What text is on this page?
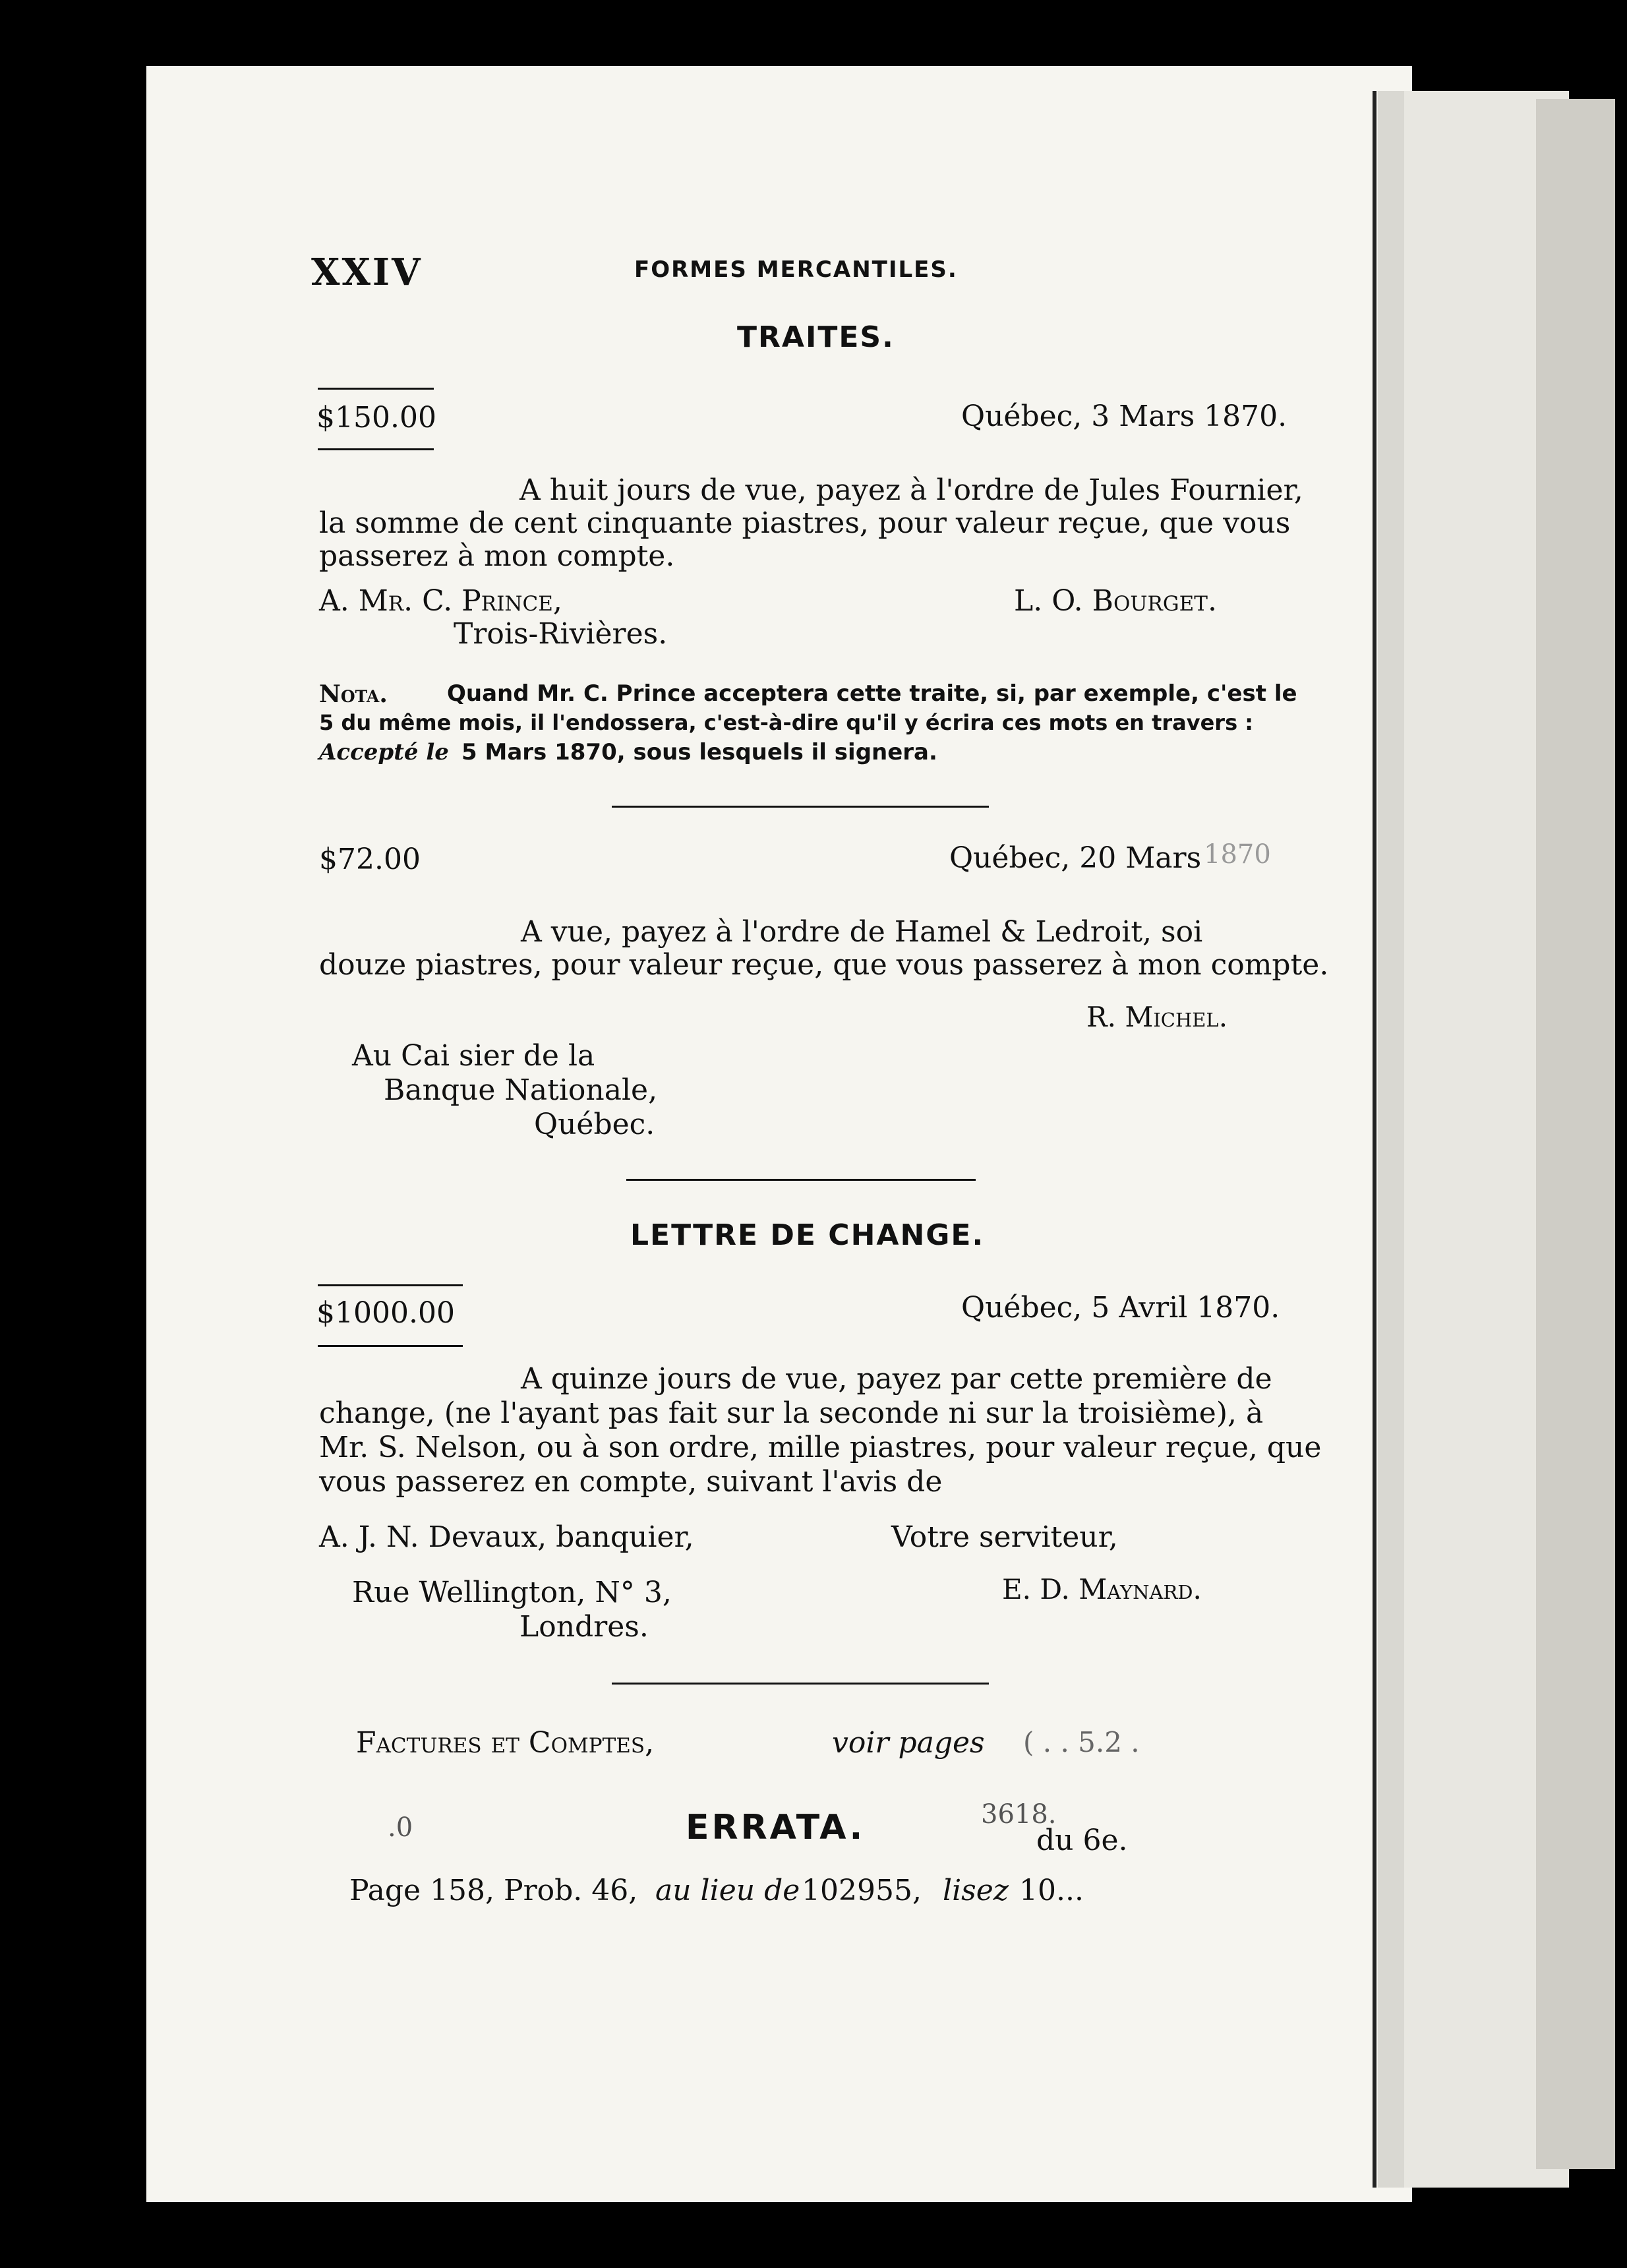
XXIV	FORMES MERCANTILES.
TRAITES.
$150.00	Québec, 3 Mars 1870.
A huit jours de vue, payez à l'ordre de Jules Fournier,
la somme de cent cinquante piastres, pour valeur reçue, que vous
passerez à mon compte.
A. Mr. C. Prince,	L. O. Bourget.
Trois-Rivières.
Nota.	Quand Mr. C. Prince acceptera cette traite, si, par exemple, c'est le
5 du même mois, il l'endossera, c'est-à-dire qu'il y écrira ces mots en travers :
Accepté le 5 Mars 1870, sous lesquels il signera.
$72.00	Québec, 20 Mars 1870
A vue, payez à l'ordre de Hamel & Ledroit, soi
douze piastres, pour valeur reçue, que vous passerez à mon compte.
R. Michel.
Au Cai sier de la
Banque Nationale,
Québec.
LETTRE DE CHANGE.
$1000.00	Québec, 5 Avril 1870.
A quinze jours de vue, payez par cette première de
change, (ne l'ayant pas fait sur la seconde ni sur la troisième), à
Mr. S. Nelson, ou à son ordre, mille piastres, pour valeur reçue, que
vous passerez en compte, suivant l'avis de
A. J. N. Devaux, banquier,	Votre serviteur,
Rue Wellington, N° 3,	E. D. Maynard.
Londres.
Factures et Comptes,	voir pages ( . . 5.2 .
.0	ERRATA.	3618.
du 6e.
Page 158, Prob. 46, au lieu de 102955, lisez 10...
